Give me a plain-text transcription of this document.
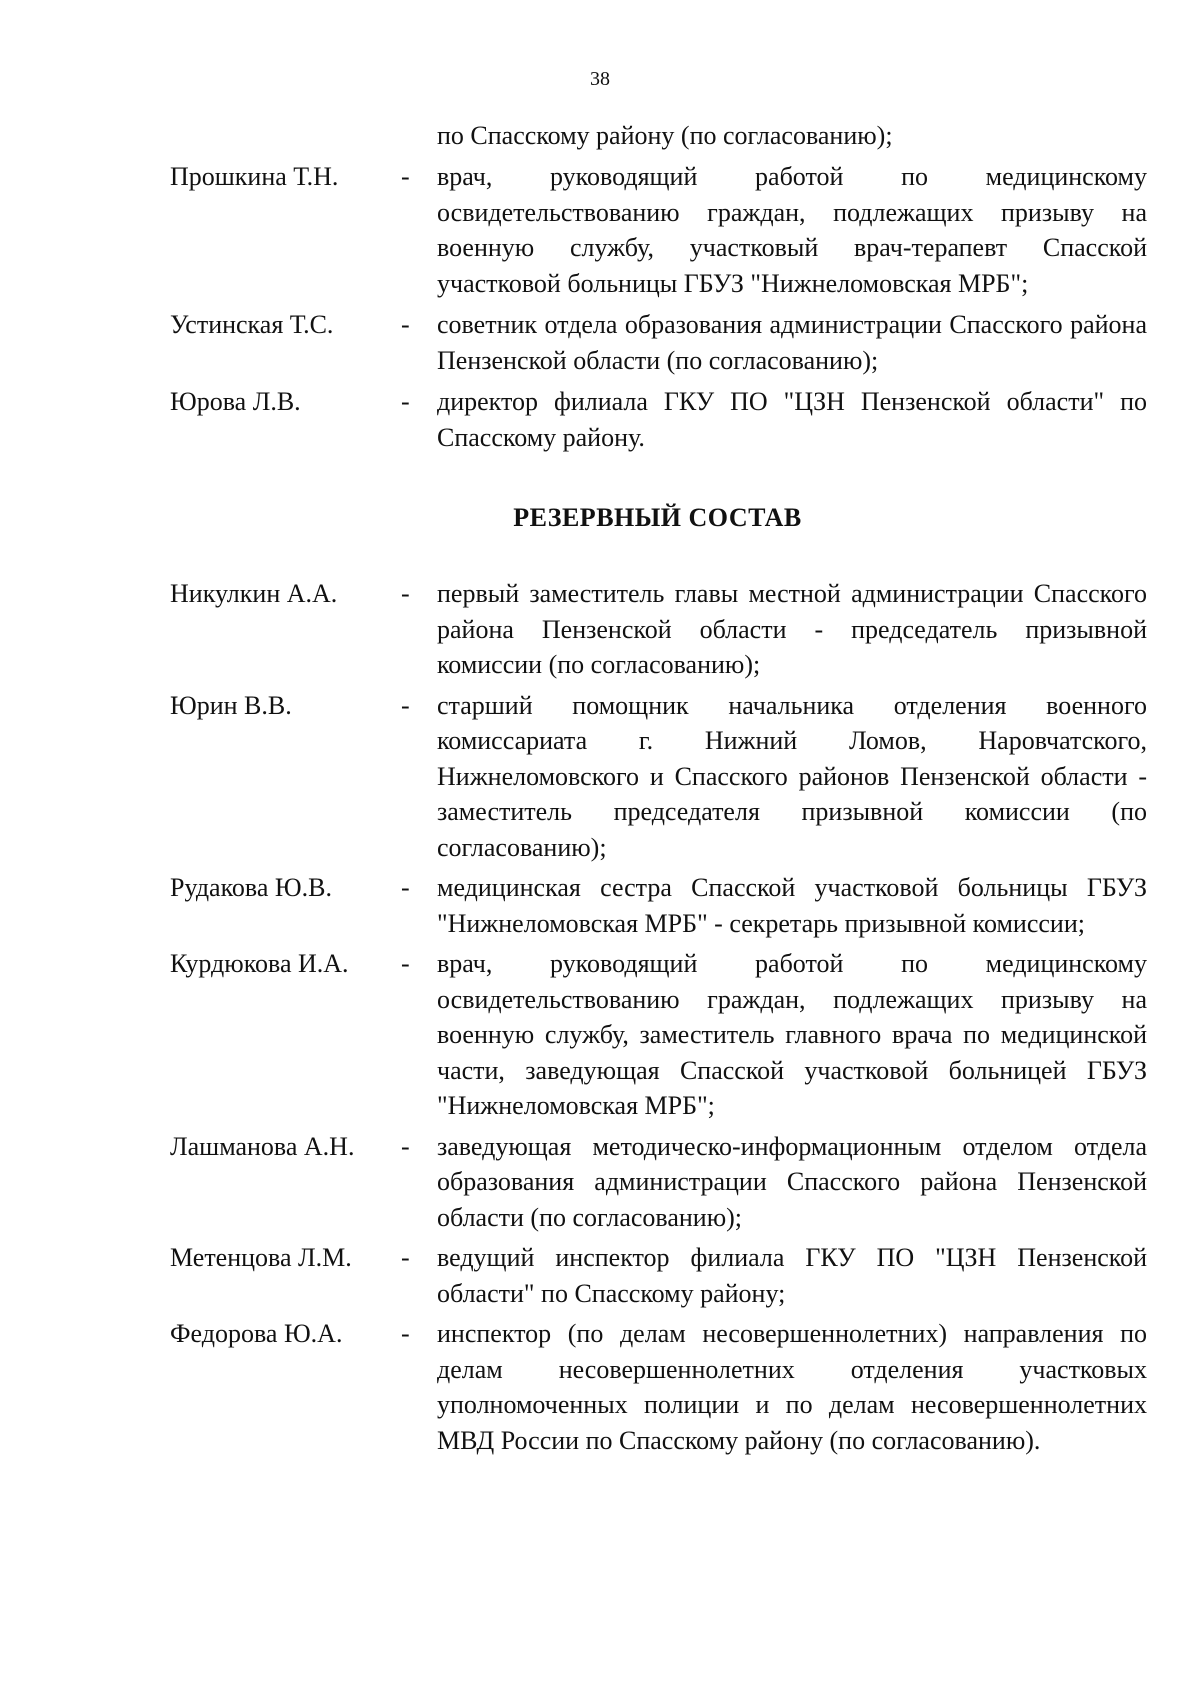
38
по Спасскому району (по согласованию);
Прошкина Т.Н.	-	врач, руководящий работой по медицинскому освидетельствованию граждан, подлежащих призыву на военную службу, участковый врач-терапевт Спасской участковой больницы ГБУЗ "Нижнеломовская МРБ";
Устинская Т.С.	-	советник отдела образования администрации Спасского района Пензенской области (по согласованию);
Юрова Л.В.	-	директор филиала ГКУ ПО "ЦЗН Пензенской области" по Спасскому району.
РЕЗЕРВНЫЙ СОСТАВ
Никулкин А.А.	-	первый заместитель главы местной администрации Спасского района Пензенской области - председатель призывной комиссии (по согласованию);
Юрин В.В.	-	старший помощник начальника отделения военного комиссариата г. Нижний Ломов, Наровчатского, Нижнеломовского и Спасского районов Пензенской области - заместитель председателя призывной комиссии (по согласованию);
Рудакова Ю.В.	-	медицинская сестра Спасской участковой больницы ГБУЗ "Нижнеломовская МРБ" - секретарь призывной комиссии;
Курдюкова И.А.	-	врач, руководящий работой по медицинскому освидетельствованию граждан, подлежащих призыву на военную службу, заместитель главного врача по медицинской части, заведующая Спасской участковой больницей ГБУЗ "Нижнеломовская МРБ";
Лашманова А.Н.	-	заведующая методическо-информационным отделом отдела образования администрации Спасского района Пензенской области (по согласованию);
Метенцова Л.М.	-	ведущий инспектор филиала ГКУ ПО "ЦЗН Пензенской области" по Спасскому району;
Федорова Ю.А.	-	инспектор (по делам несовершеннолетних) направления по делам несовершеннолетних отделения участковых уполномоченных полиции и по делам несовершеннолетних МВД России по Спасскому району (по согласованию).
